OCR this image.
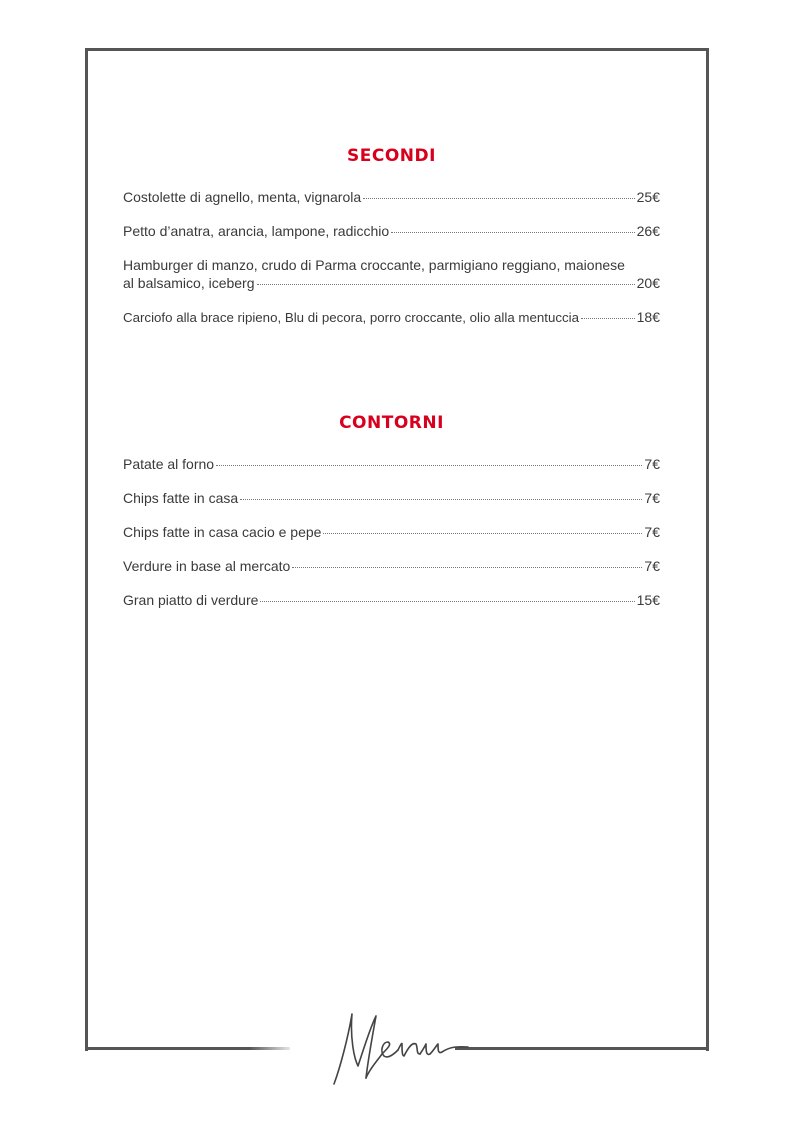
SECONDI
Costolette di agnello, menta, vignarola	25€
Petto d’anatra, arancia, lampone, radicchio	26€
Hamburger di manzo, crudo di Parma croccante, parmigiano reggiano, maionese
al balsamico, iceberg	20€
Carciofo alla brace ripieno, Blu di pecora, porro croccante, olio alla mentuccia	18€
CONTORNI
Patate al forno	7€
Chips fatte in casa	7€
Chips fatte in casa cacio e pepe	7€
Verdure in base al mercato	7€
Gran piatto di verdure	15€
